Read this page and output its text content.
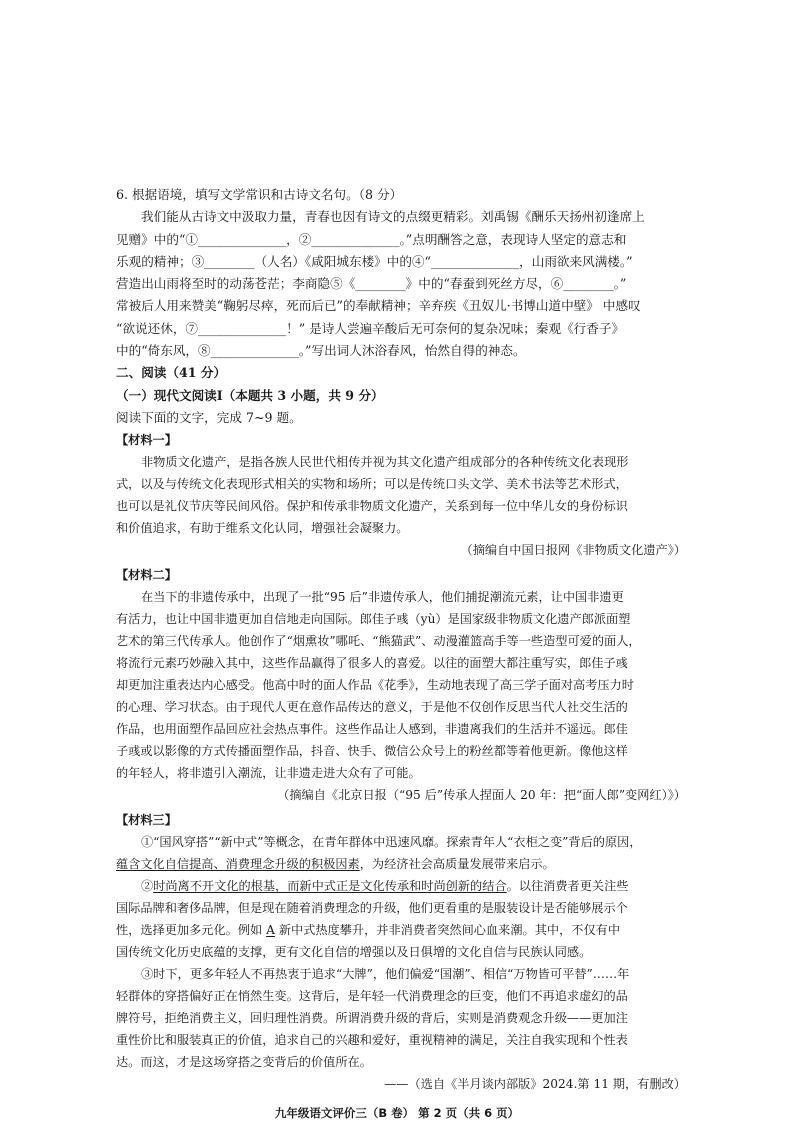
6. 根据语境，填写文学常识和古诗文名句。（8 分）
我们能从古诗文中汲取力量，青春也因有诗文的点缀更精彩。刘禹锡《酬乐天扬州初逢席上
见赠》中的“①______________，②______________。”点明酬答之意，表现诗人坚定的意志和
乐观的精神；③________（人名）《咸阳城东楼》中的④“______________，山雨欲来风满楼。”
营造出山雨将至时的动荡苍茫；李商隐⑤《________》中的“春蚕到死丝方尽，⑥________。”
常被后人用来赞美“鞠躬尽瘁，死而后已”的奉献精神；辛弃疾《丑奴儿·书博山道中壁》 中感叹
“欲说还休，⑦______________！” 是诗人尝遍辛酸后无可奈何的复杂况味；秦观《行香子》
中的“倚东风，⑧______________。”写出词人沐浴春风，怡然自得的神态。
二、阅读（41 分）
（一）现代文阅读Ⅰ（本题共 3 小题，共 9 分）
阅读下面的文字，完成 7~9 题。
【材料一】
非物质文化遗产，是指各族人民世代相传并视为其文化遗产组成部分的各种传统文化表现形
式，以及与传统文化表现形式相关的实物和场所；可以是传统口头文学、美术书法等艺术形式，
也可以是礼仪节庆等民间风俗。保护和传承非物质文化遗产，关系到每一位中华儿女的身份标识
和价值追求，有助于维系文化认同，增强社会凝聚力。
（摘编自中国日报网《非物质文化遗产》）
【材料二】
在当下的非遗传承中，出现了一批“95 后”非遗传承人，他们捕捉潮流元素，让中国非遗更
有活力，也让中国非遗更加自信地走向国际。郎佳子彧（yù）是国家级非物质文化遗产郎派面塑
艺术的第三代传承人。他创作了“烟熏妆”哪吒、“熊猫武”、动漫灌篮高手等一些造型可爱的面人，
将流行元素巧妙融入其中，这些作品赢得了很多人的喜爱。以往的面塑大都注重写实，郎佳子彧
却更加注重表达内心感受。他高中时的面人作品《花季》，生动地表现了高三学子面对高考压力时
的心理、学习状态。由于现代人更在意作品传达的意义，于是他不仅创作反思当代人社交生活的
作品，也用面塑作品回应社会热点事件。这些作品让人感到，非遗离我们的生活并不遥远。郎佳
子彧或以影像的方式传播面塑作品，抖音、快手、微信公众号上的粉丝都等着他更新。像他这样
的年轻人，将非遗引入潮流，让非遗走进大众有了可能。
（摘编自《北京日报（“95 后”传承人捏面人 20 年：把“面人郎”变网红）》）
【材料三】
①“国风穿搭”“新中式”等概念，在青年群体中迅速风靡。探索青年人“衣柜之变”背后的原因，
蕴含文化自信提高、消费理念升级的积极因素，为经济社会高质量发展带来启示。
②时尚离不开文化的根基，而新中式正是文化传承和时尚创新的结合。以往消费者更关注些
国际品牌和奢侈品牌，但是现在随着消费理念的升级，他们更看重的是服装设计是否能够展示个
性，选择更加多元化。例如 A 新中式热度攀升，并非消费者突然间心血来潮。其中，不仅有中
国传统文化历史底蕴的支撑，更有文化自信的增强以及日俱增的文化自信与民族认同感。
③时下，更多年轻人不再热衷于追求“大牌”，他们偏爱“国潮”、相信“万物皆可平替”……年
轻群体的穿搭偏好正在悄然生变。这背后，是年轻一代消费理念的巨变，他们不再追求虚幻的品
牌符号，拒绝消费主义，回归理性消费。所谓消费升级的背后，实则是消费观念升级——更加注
重性价比和服装真正的价值，追求自己的兴趣和爱好，重视精神的满足，关注自我实现和个性表
达。而这，才是这场穿搭之变背后的价值所在。
——（选自《半月谈内部版》2024.第 11 期，有删改）
九年级语文评价三（B 卷） 第 2 页（共 6 页）
